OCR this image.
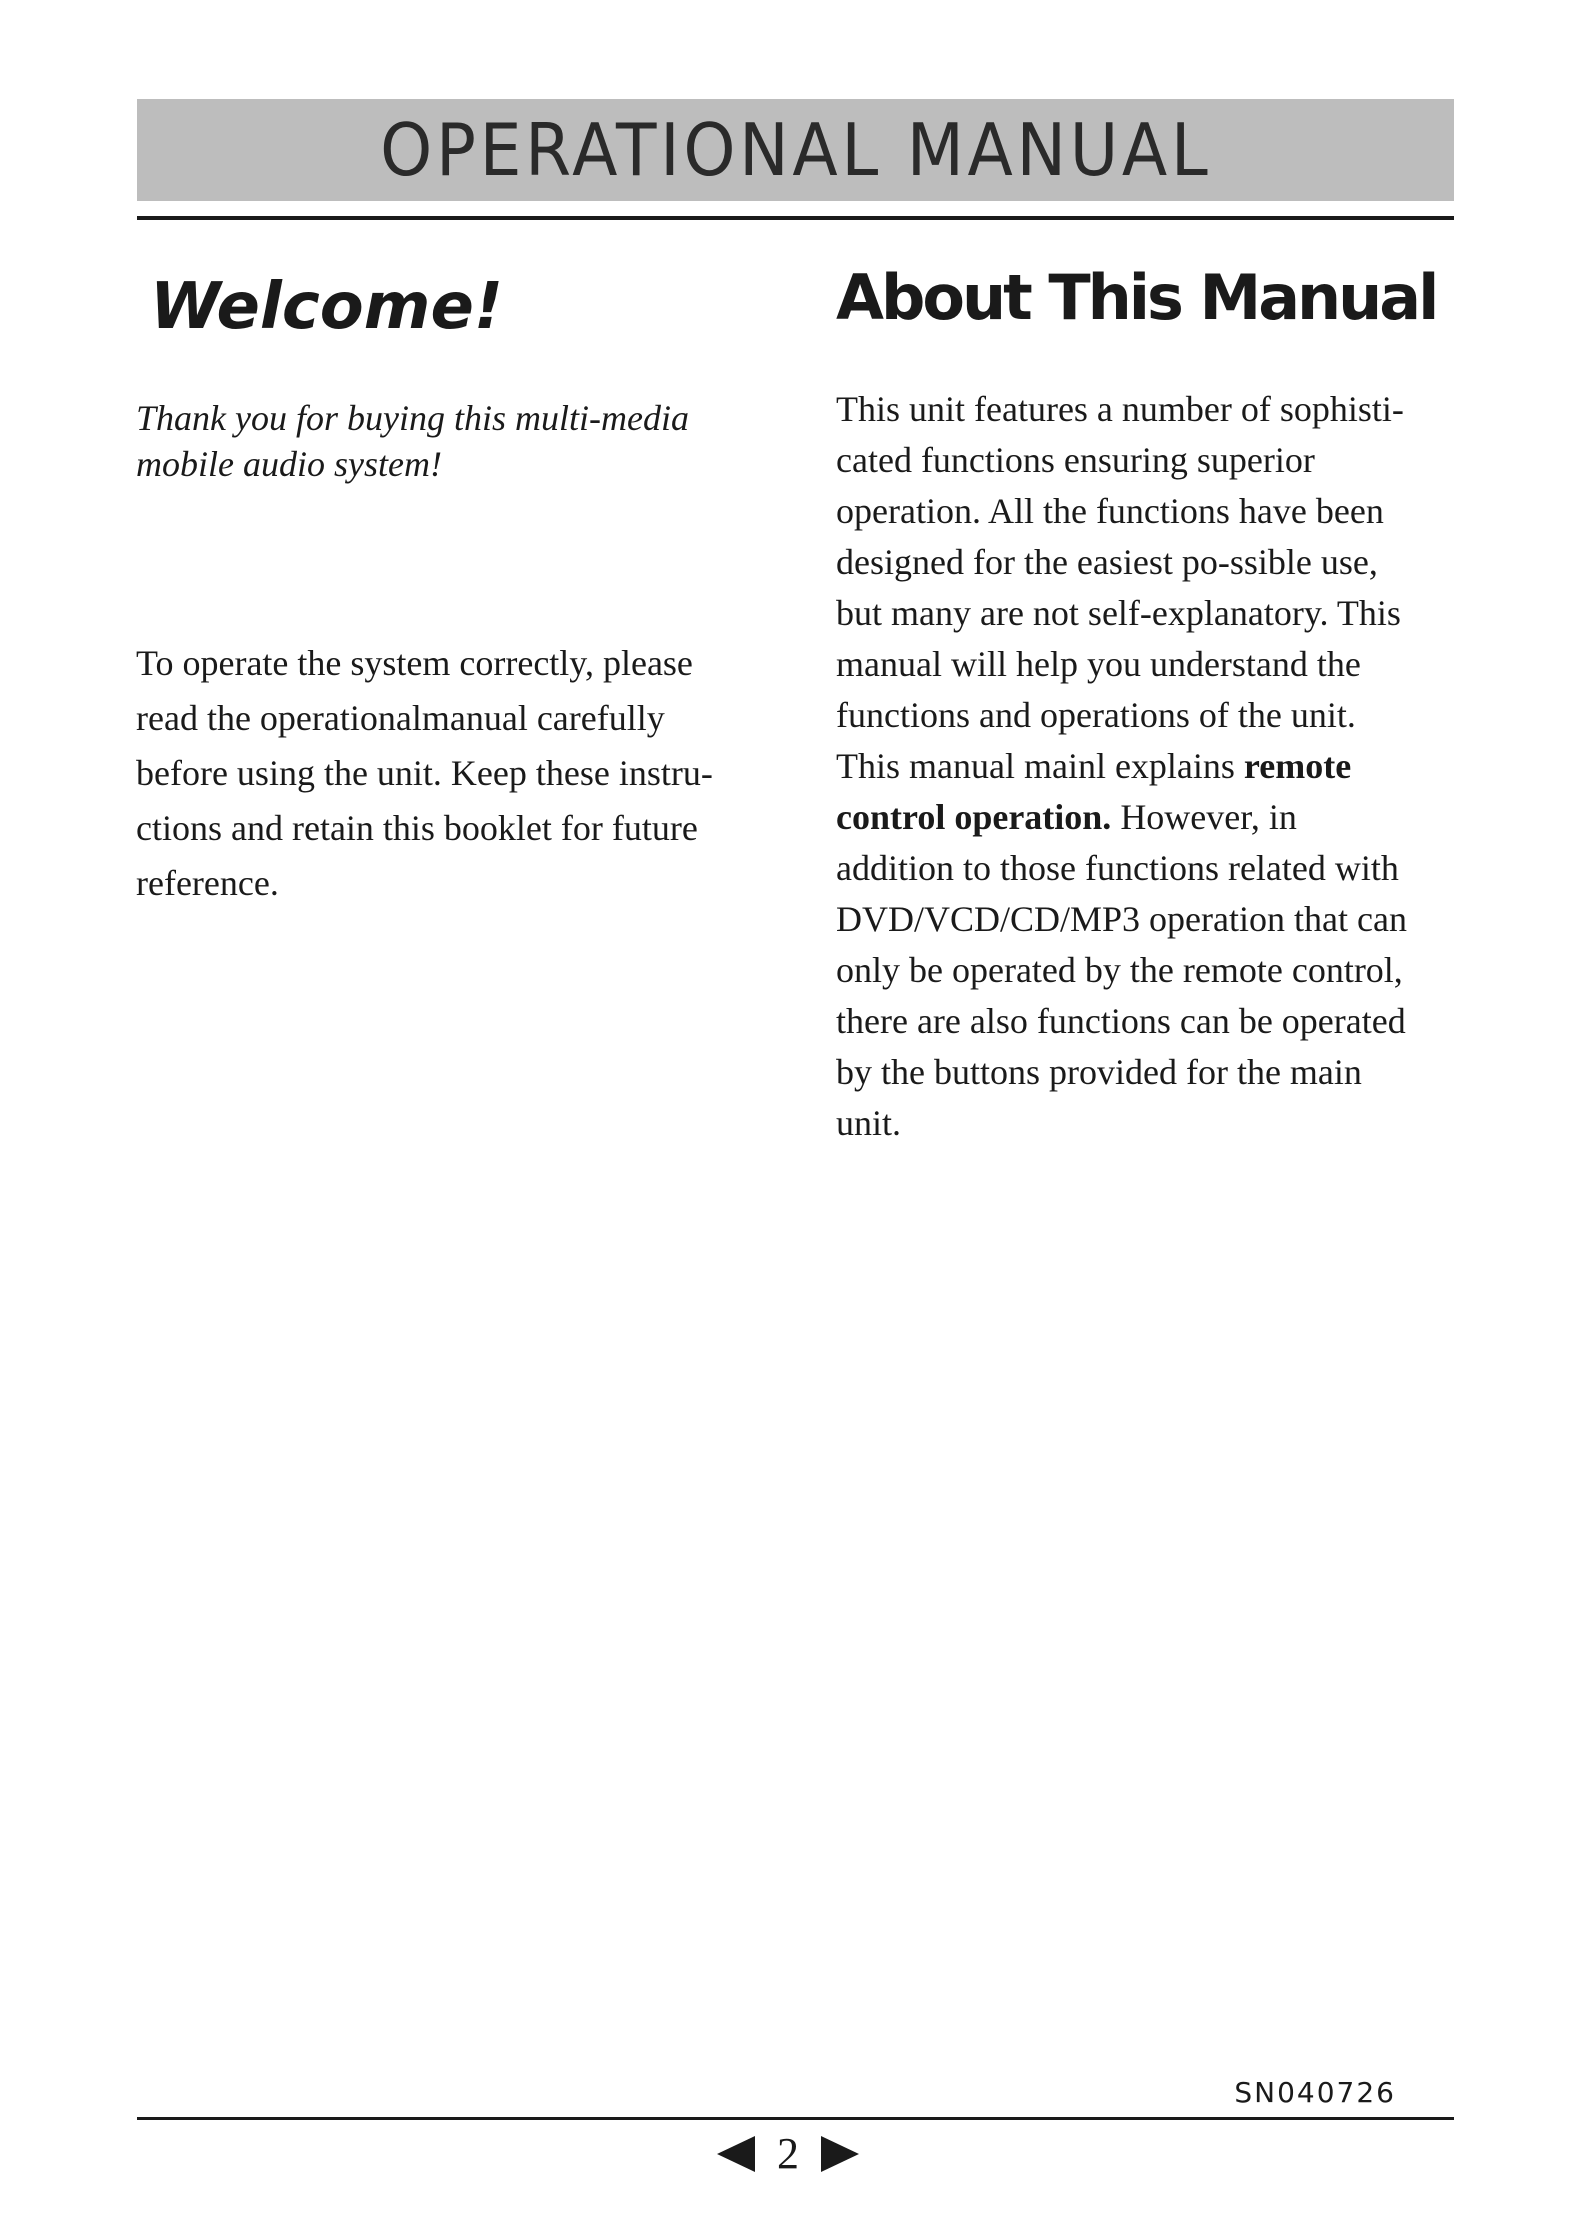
OPERATIONAL MANUAL
Welcome!	About This Manual

Thank you for buying this multi-media
mobile audio system!

To operate the system correctly, please
read the operationalmanual carefully
before using the unit. Keep these instru-
ctions and retain this booklet for future
reference.

This unit features a number of sophisti-
cated functions ensuring superior
operation. All the functions have been
designed for the easiest po-ssible use,
but many are not self-explanatory. This
manual will help you understand the
functions and operations of the unit.
This manual mainl explains remote
control operation. However, in
addition to those functions related with
DVD/VCD/CD/MP3 operation that can
only be operated by the remote control,
there are also functions can be operated
by the buttons provided for the main
unit.

SN040726
2
